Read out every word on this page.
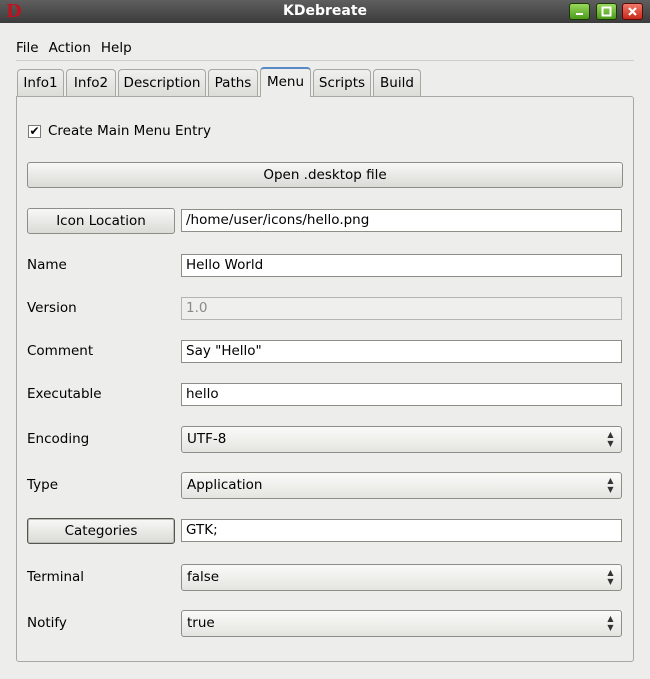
D	KDebreate
File Action Help
Info1	Info2	Description	Paths	Menu	Scripts	Build
✔ Create Main Menu Entry
Open .desktop file
Icon Location	/home/user/icons/hello.png
Name	Hello World
Version	1.0
Comment	Say "Hello"
Executable	hello
Encoding	UTF-8	▲
▼
Type	Application	▲
▼
Categories	GTK;
Terminal	false	▲
▼
Notify	true	▲
▼
